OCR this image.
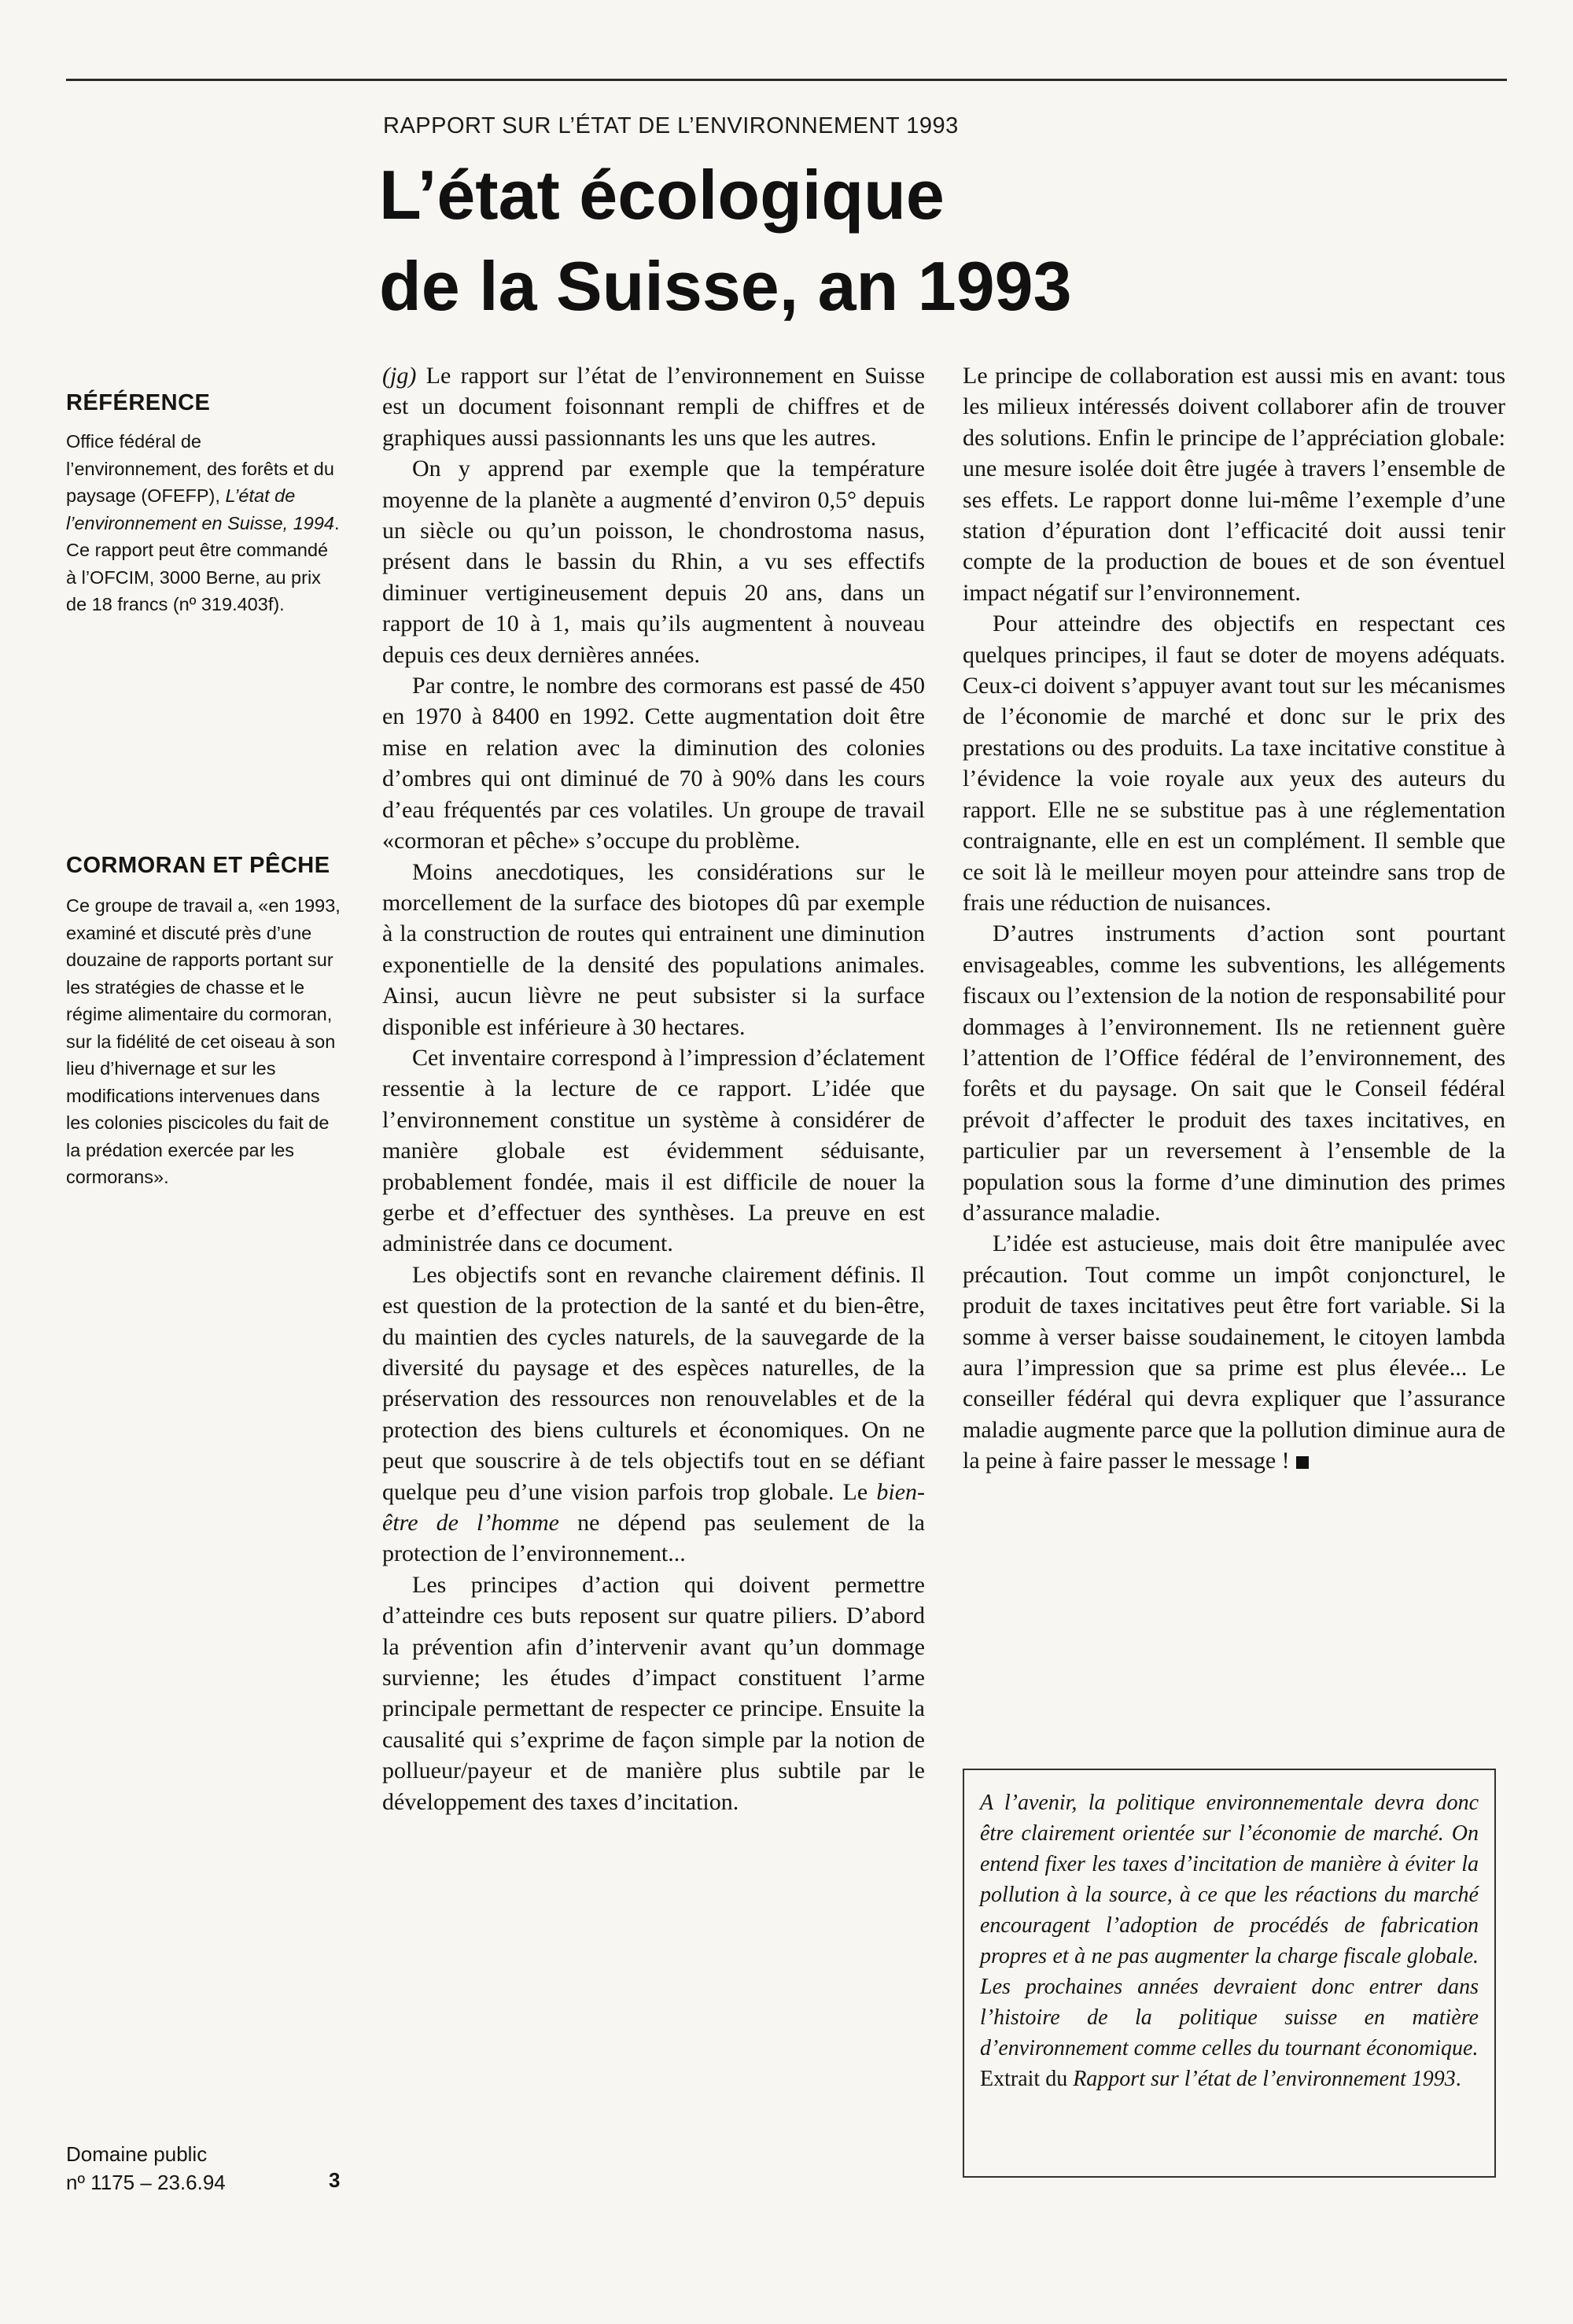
RAPPORT SUR L’ÉTAT DE L’ENVIRONNEMENT 1993
L’état écologique
de la Suisse, an 1993
RÉFÉRENCE

Office fédéral de l’environnement, des forêts et du paysage (OFEFP), L’état de l’environnement en Suisse, 1994. Ce rapport peut être commandé à l’OFCIM, 3000 Berne, au prix de 18 francs (nº 319.403f).

CORMORAN ET PÊCHE

Ce groupe de travail a, «en 1993, examiné et discuté près d’une douzaine de rapports portant sur les stratégies de chasse et le régime alimentaire du cormoran, sur la fidélité de cet oiseau à son lieu d’hivernage et sur les modifications intervenues dans les colonies piscicoles du fait de la prédation exercée par les cormorans».

(jg) Le rapport sur l’état de l’environnement en Suisse est un document foisonnant rempli de chiffres et de graphiques aussi passionnants les uns que les autres.

On y apprend par exemple que la température moyenne de la planète a augmenté d’environ 0,5° depuis un siècle ou qu’un poisson, le chondrostoma nasus, présent dans le bassin du Rhin, a vu ses effectifs diminuer vertigineusement depuis 20 ans, dans un rapport de 10 à 1, mais qu’ils augmentent à nouveau depuis ces deux dernières années.

Par contre, le nombre des cormorans est passé de 450 en 1970 à 8400 en 1992. Cette augmentation doit être mise en relation avec la diminution des colonies d’ombres qui ont diminué de 70 à 90% dans les cours d’eau fréquentés par ces volatiles. Un groupe de travail «cormoran et pêche» s’occupe du problème.

Moins anecdotiques, les considérations sur le morcellement de la surface des biotopes dû par exemple à la construction de routes qui entrainent une diminution exponentielle de la densité des populations animales. Ainsi, aucun lièvre ne peut subsister si la surface disponible est inférieure à 30 hectares.

Cet inventaire correspond à l’impression d’éclatement ressentie à la lecture de ce rapport. L’idée que l’environnement constitue un système à considérer de manière globale est évidemment séduisante, probablement fondée, mais il est difficile de nouer la gerbe et d’effectuer des synthèses. La preuve en est administrée dans ce document.

Les objectifs sont en revanche clairement définis. Il est question de la protection de la santé et du bien-être, du maintien des cycles naturels, de la sauvegarde de la diversité du paysage et des espèces naturelles, de la préservation des ressources non renouvelables et de la protection des biens culturels et économiques. On ne peut que souscrire à de tels objectifs tout en se défiant quelque peu d’une vision parfois trop globale. Le bien-être de l’homme ne dépend pas seulement de la protection de l’environnement...

Les principes d’action qui doivent permettre d’atteindre ces buts reposent sur quatre piliers. D’abord la prévention afin d’intervenir avant qu’un dommage survienne; les études d’impact constituent l’arme principale permettant de respecter ce principe. Ensuite la causalité qui s’exprime de façon simple par la notion de pollueur/payeur et de manière plus subtile par le développement des taxes d’incitation.

Le principe de collaboration est aussi mis en avant: tous les milieux intéressés doivent collaborer afin de trouver des solutions. Enfin le principe de l’appréciation globale: une mesure isolée doit être jugée à travers l’ensemble de ses effets. Le rapport donne lui-même l’exemple d’une station d’épuration dont l’efficacité doit aussi tenir compte de la production de boues et de son éventuel impact négatif sur l’environnement.

Pour atteindre des objectifs en respectant ces quelques principes, il faut se doter de moyens adéquats. Ceux-ci doivent s’appuyer avant tout sur les mécanismes de l’économie de marché et donc sur le prix des prestations ou des produits. La taxe incitative constitue à l’évidence la voie royale aux yeux des auteurs du rapport. Elle ne se substitue pas à une réglementation contraignante, elle en est un complément. Il semble que ce soit là le meilleur moyen pour atteindre sans trop de frais une réduction de nuisances.

D’autres instruments d’action sont pourtant envisageables, comme les subventions, les allégements fiscaux ou l’extension de la notion de responsabilité pour dommages à l’environnement. Ils ne retiennent guère l’attention de l’Office fédéral de l’environnement, des forêts et du paysage. On sait que le Conseil fédéral prévoit d’affecter le produit des taxes incitatives, en particulier par un reversement à l’ensemble de la population sous la forme d’une diminution des primes d’assurance maladie.

L’idée est astucieuse, mais doit être manipulée avec précaution. Tout comme un impôt conjoncturel, le produit de taxes incitatives peut être fort variable. Si la somme à verser baisse soudainement, le citoyen lambda aura l’impression que sa prime est plus élevée... Le conseiller fédéral qui devra expliquer que l’assurance maladie augmente parce que la pollution diminue aura de la peine à faire passer le message !

A l’avenir, la politique environnementale devra donc être clairement orientée sur l’économie de marché. On entend fixer les taxes d’incitation de manière à éviter la pollution à la source, à ce que les réactions du marché encouragent l’adoption de procédés de fabrication propres et à ne pas augmenter la charge fiscale globale. Les prochaines années devraient donc entrer dans l’histoire de la politique suisse en matière d’environnement comme celles du tournant économique.

Extrait du Rapport sur l’état de l’environnement 1993.

Domaine public
nº 1175 – 23.6.94	3
